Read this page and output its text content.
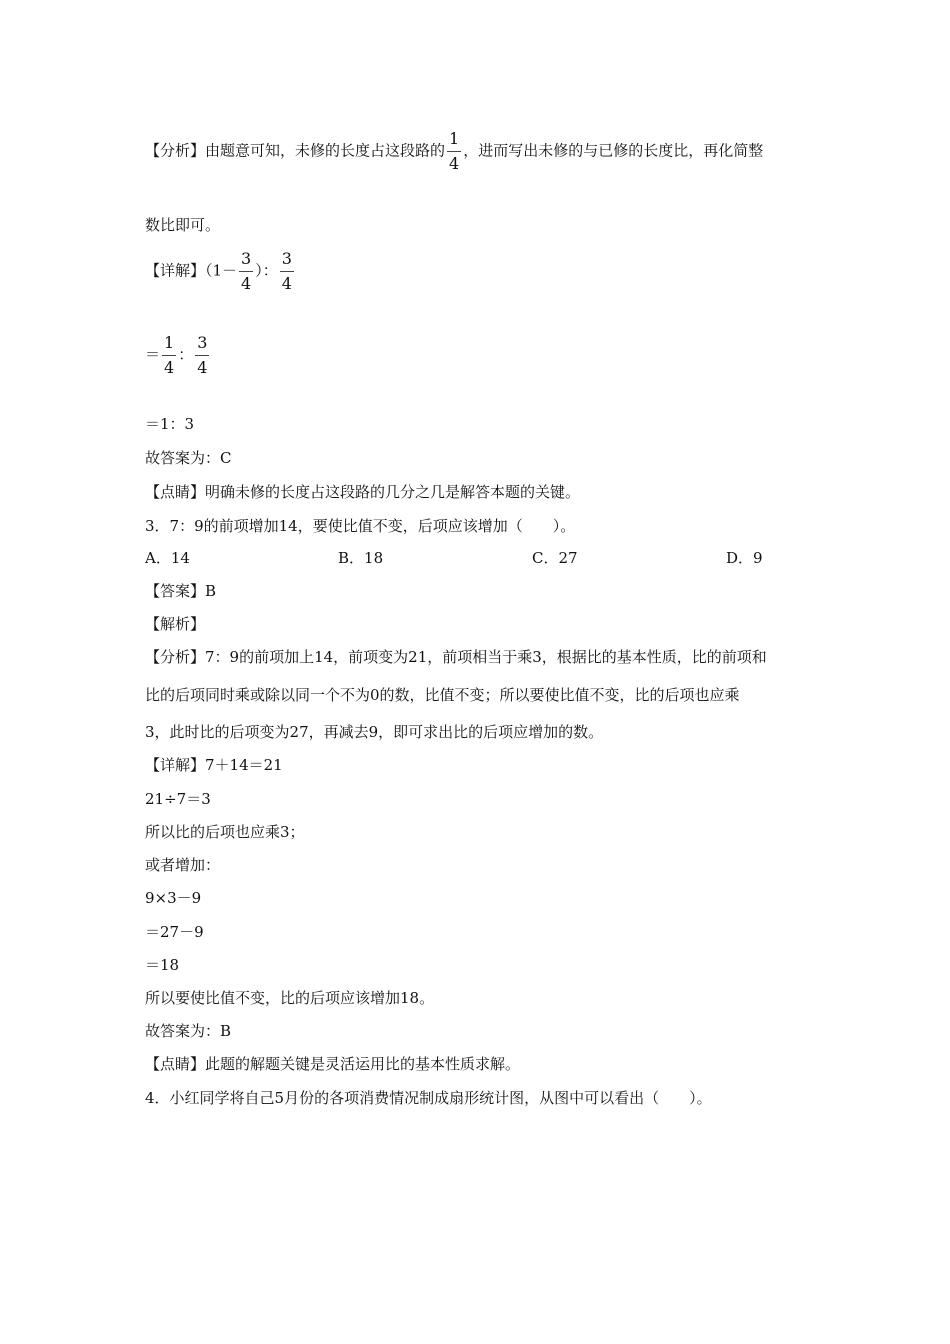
【分析】由题意可知，未修的长度占这段路的 $\frac{1}{4}$ ，进而写出未修的与已修的长度比，再化简整
数比即可。
【详解】（$1- \frac{3}{4}$ ）： $\frac{3}{4}$
＝ $\frac{1}{4}$ ： $\frac{3}{4}$
＝1：3
故答案为：C
【点睛】明确未修的长度占这段路的几分之几是解答本题的关键。
3．7：9的前项增加14，要使比值不变，后项应该增加（　　）。
A．14	B．18	C．27	D．9
【答案】B
【解析】
【分析】7：9的前项加上14，前项变为21，前项相当于乘3，根据比的基本性质，比的前项和
比的后项同时乘或除以同一个不为0的数，比值不变；所以要使比值不变，比的后项也应乘
3，此时比的后项变为27，再减去9，即可求出比的后项应增加的数。
【详解】7＋14＝21
21÷7＝3
所以比的后项也应乘3；
或者增加：
9×3－9
＝27－9
＝18
所以要使比值不变，比的后项应该增加18。
故答案为：B
【点睛】此题的解题关键是灵活运用比的基本性质求解。
4．小红同学将自己5月份的各项消费情况制成扇形统计图，从图中可以看出（　　）。
